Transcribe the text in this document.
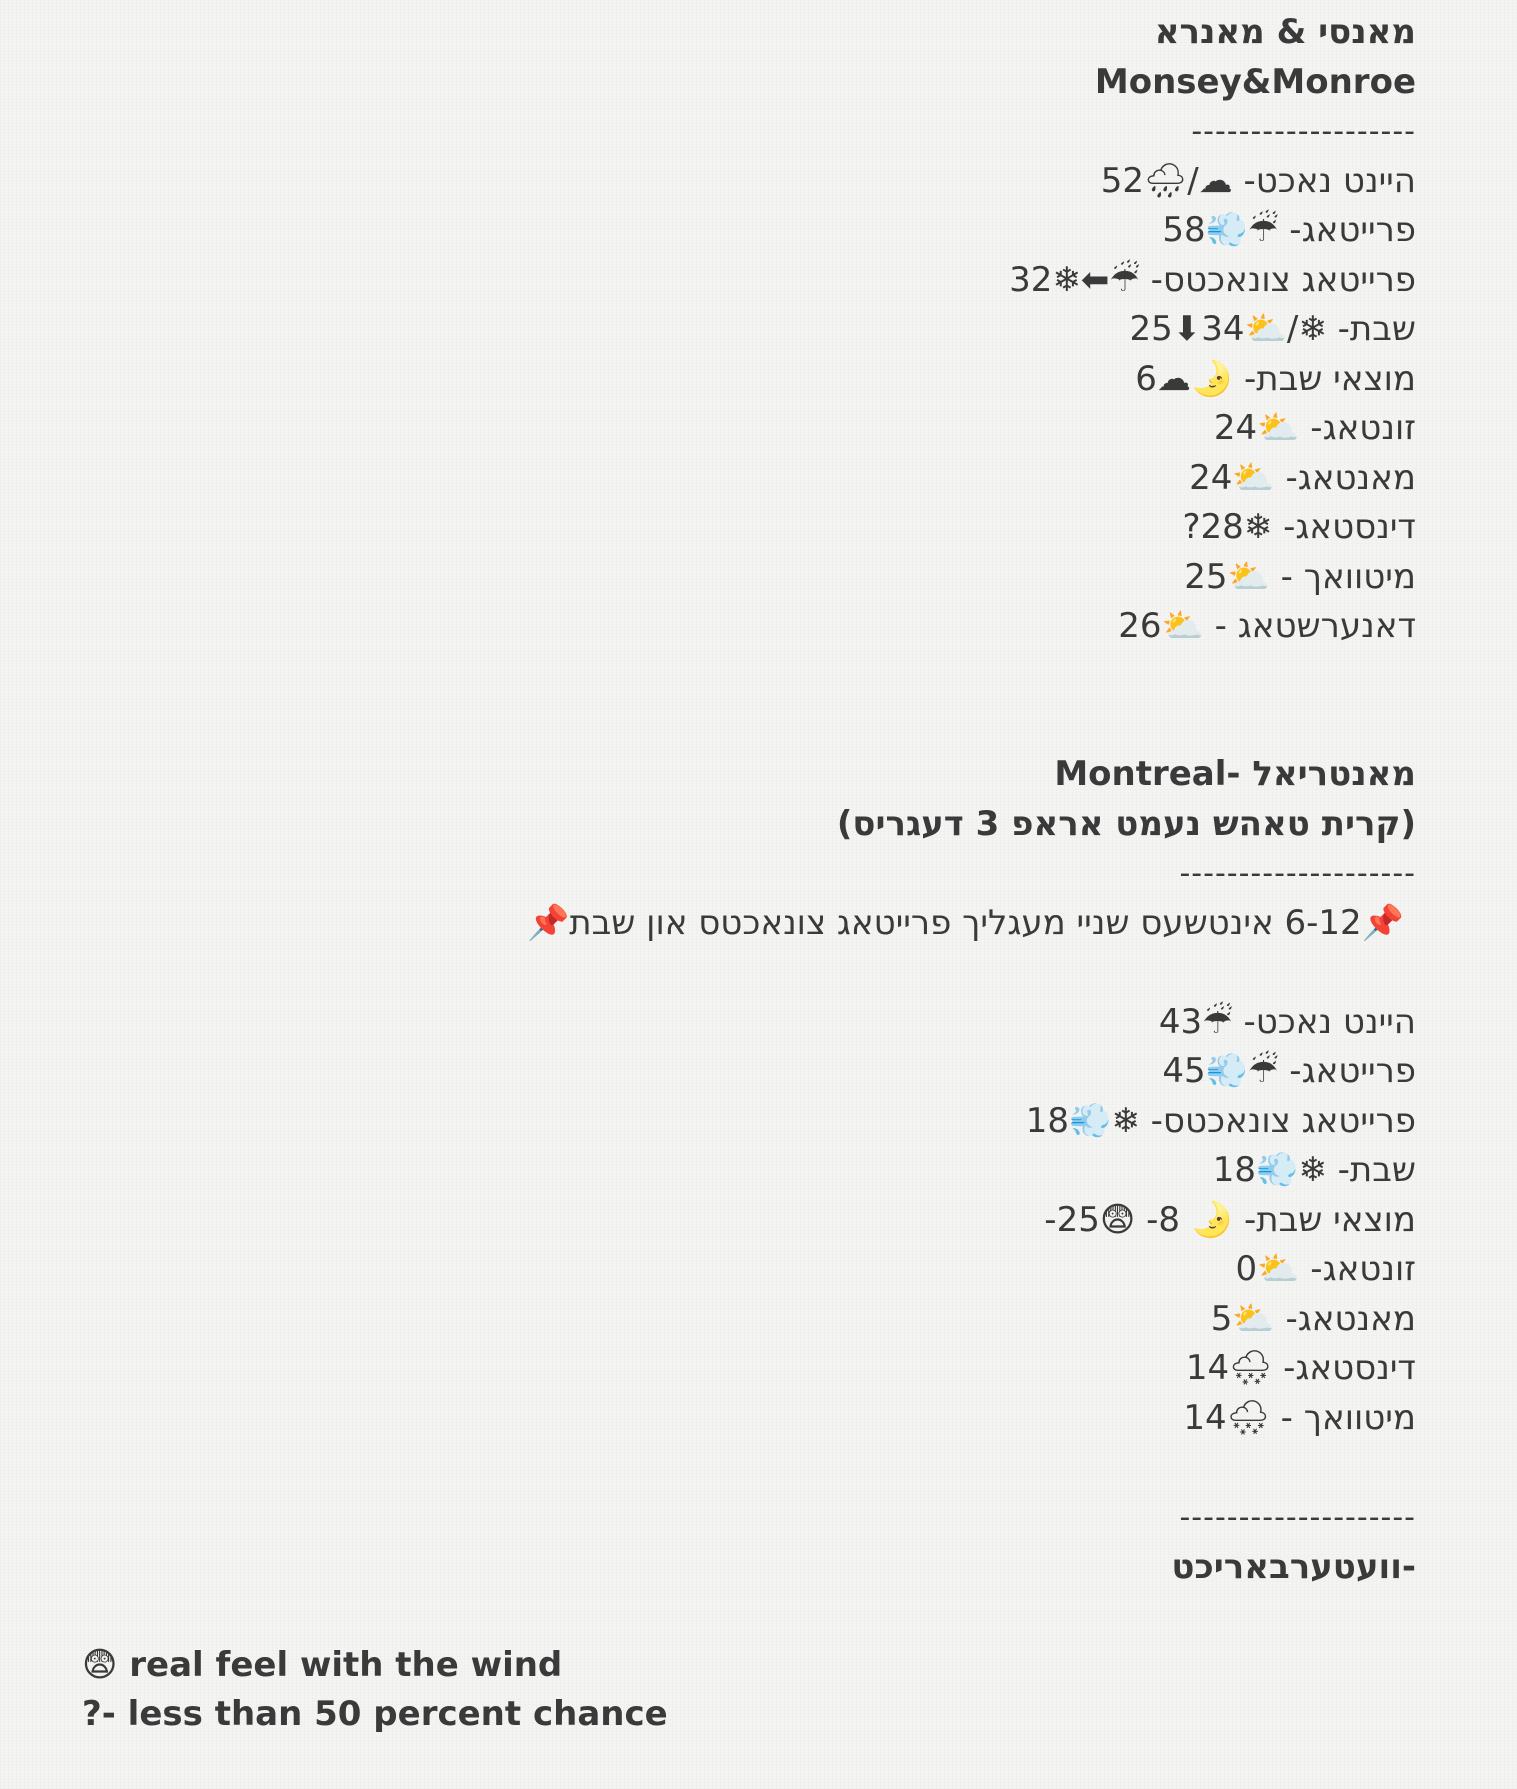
מאנסי & מאנרא
Monsey&Monroe
-------------------
היינט נאכט- ☁/🌧52
פרייטאג- ☔💨58
פרייטאג צונאכטס- ☔⬅❄32
שבת- ❄/⛅34⬇25
מוצאי שבת- 🌛☁6
זונטאג- ⛅24
מאנטאג- ⛅24
דינסטאג- ❄28?
מיטוואך - ⛅25
דאנערשטאג - ⛅26
מאנטריאל -Montreal
(קרית טאהש נעמט אראפ 3 דעגריס)
--------------------
📌6-12 אינטשעס שניי מעגליך פרייטאג צונאכטס און שבת📌
היינט נאכט- ☔43
פרייטאג- ☔💨45
פרייטאג צונאכטס- ❄💨18
שבת- ❄💨18
מוצאי שבת- 🌛 8- 😨25-
זונטאג- ⛅0
מאנטאג- ⛅5
דינסטאג- 🌨14
מיטוואך - 🌨14
--------------------
-וועטערבאריכט
😨 real feel with the wind
?- less than 50 percent chance
